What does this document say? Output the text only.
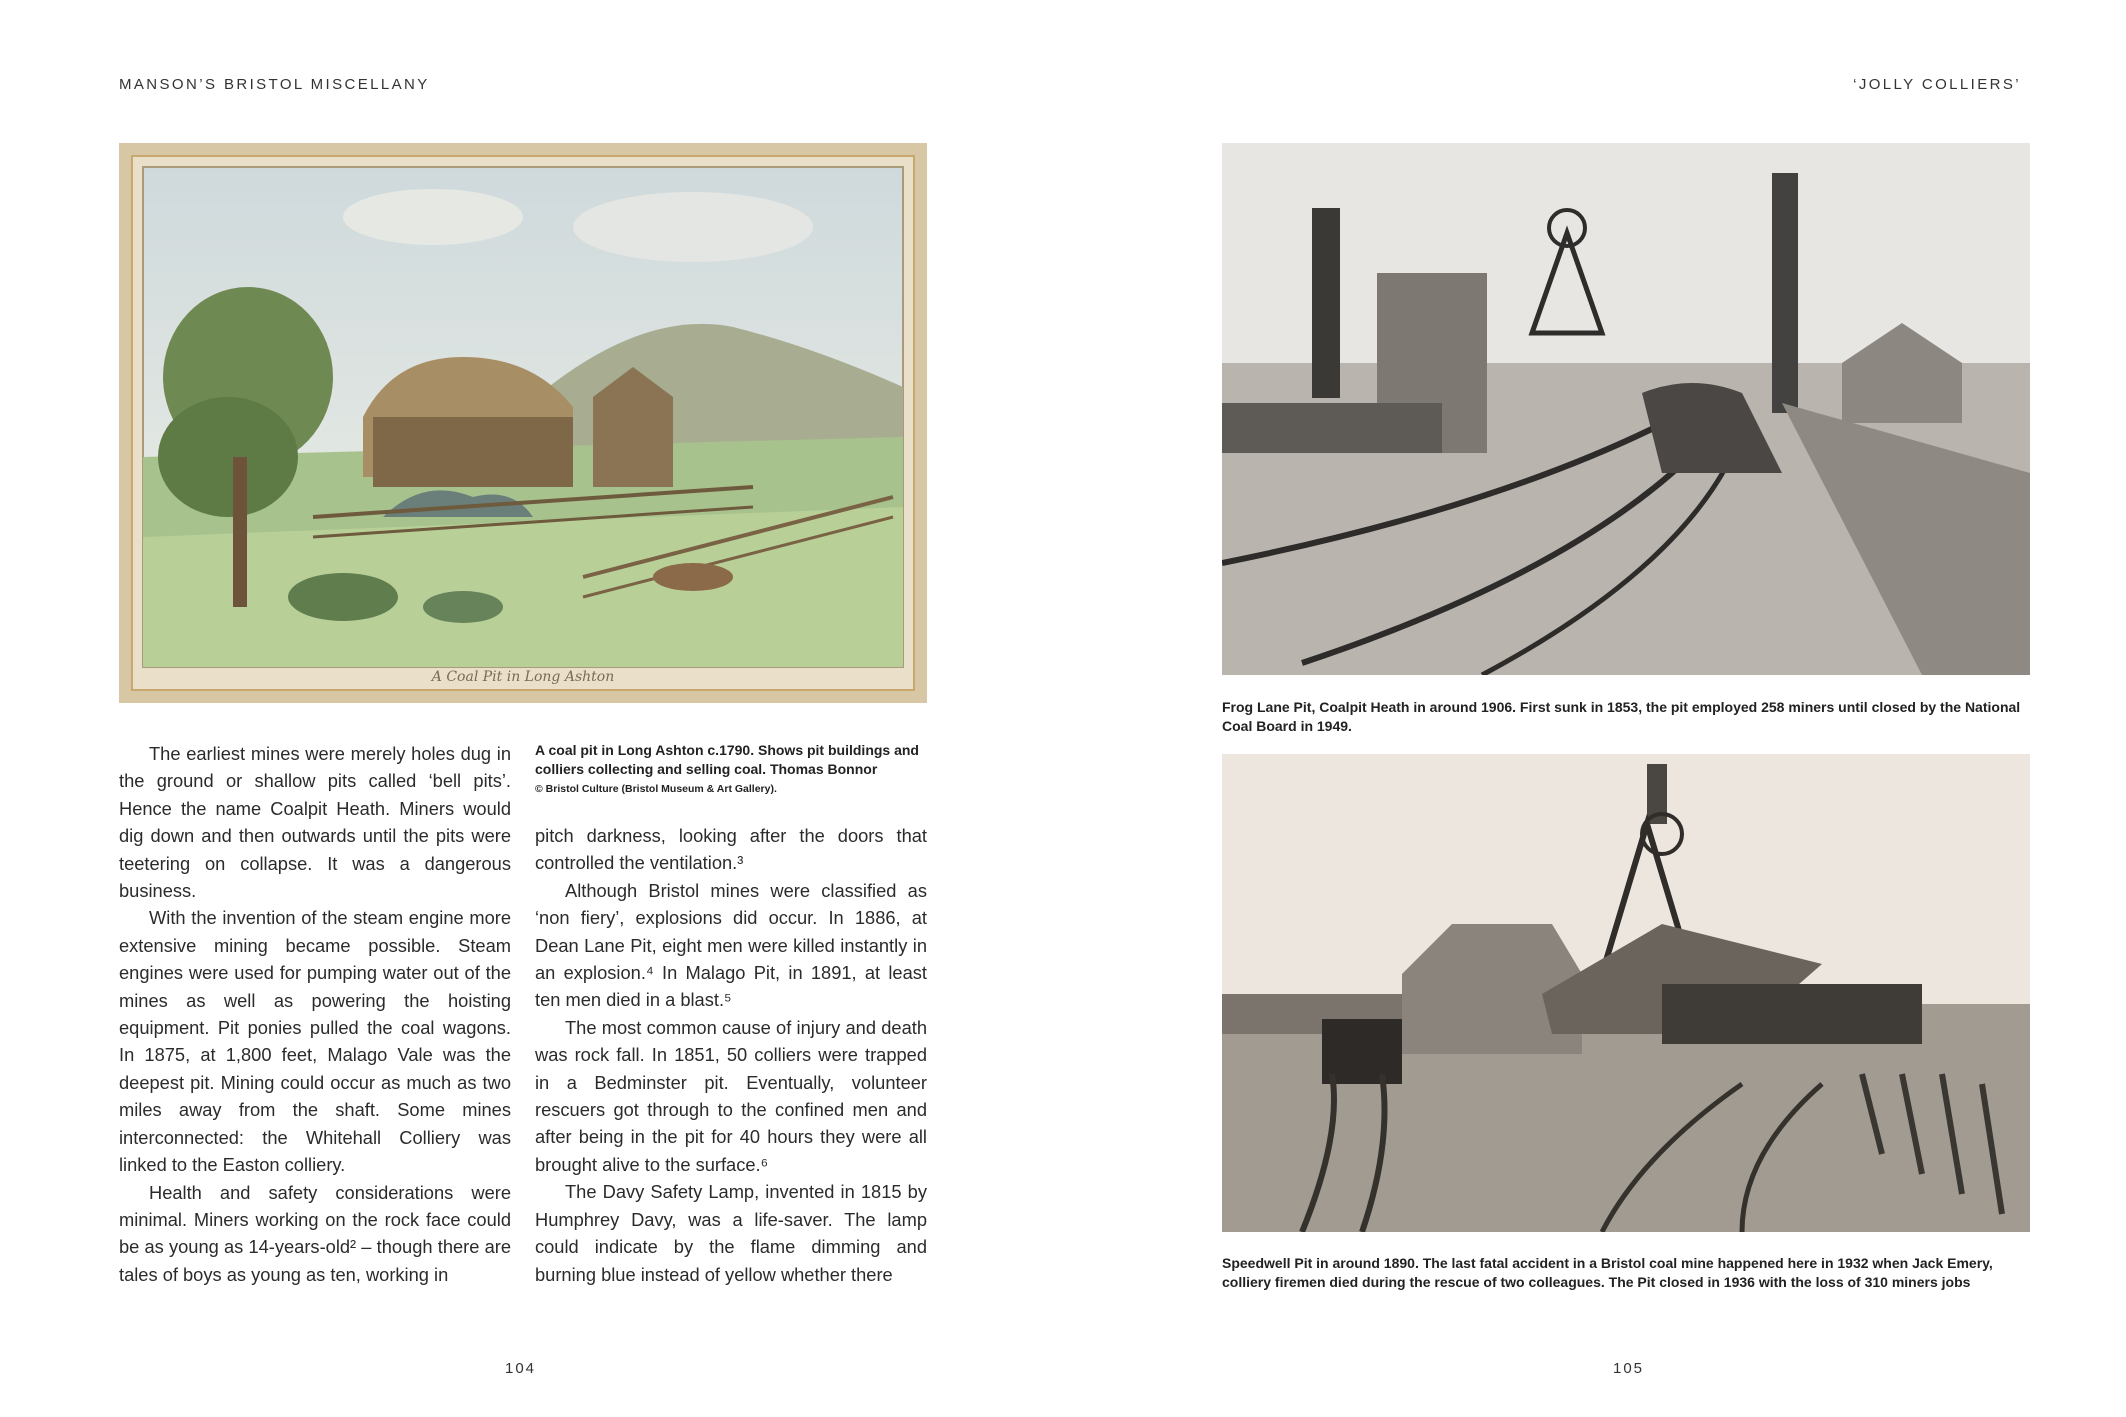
MANSON’S BRISTOL MISCELLANY
A Coal Pit in Long Ashton

The earliest mines were merely holes dug in the ground or shallow pits called ‘bell pits’. Hence the name Coalpit Heath. Miners would dig down and then outwards until the pits were teetering on collapse. It was a dangerous business.

With the invention of the steam engine more extensive mining became possible. Steam engines were used for pumping water out of the mines as well as powering the hoisting equipment. Pit ponies pulled the coal wagons. In 1875, at 1,800 feet, Malago Vale was the deepest pit. Mining could occur as much as two miles away from the shaft. Some mines interconnected: the Whitehall Colliery was linked to the Easton colliery.

Health and safety considerations were minimal. Miners working on the rock face could be as young as 14-years-old² – though there are tales of boys as young as ten, working in

A coal pit in Long Ashton c.1790. Shows pit buildings and colliers collecting and selling coal. Thomas Bonnor
© Bristol Culture (Bristol Museum & Art Gallery).

pitch darkness, looking after the doors that controlled the ventilation.³

Although Bristol mines were classified as ‘non fiery’, explosions did occur. In 1886, at Dean Lane Pit, eight men were killed instantly in an explosion.⁴ In Malago Pit, in 1891, at least ten men died in a blast.⁵

The most common cause of injury and death was rock fall. In 1851, 50 colliers were trapped in a Bedminster pit. Eventually, volunteer rescuers got through to the confined men and after being in the pit for 40 hours they were all brought alive to the surface.⁶

The Davy Safety Lamp, invented in 1815 by Humphrey Davy, was a life-saver. The lamp could indicate by the flame dimming and burning blue instead of yellow whether there

104
‘JOLLY COLLIERS’
Frog Lane Pit, Coalpit Heath in around 1906. First sunk in 1853, the pit employed 258 miners until closed by the National Coal Board in 1949.
Speedwell Pit in around 1890. The last fatal accident in a Bristol coal mine happened here in 1932 when Jack Emery, colliery firemen died during the rescue of two colleagues. The Pit closed in 1936 with the loss of 310 miners jobs
105
